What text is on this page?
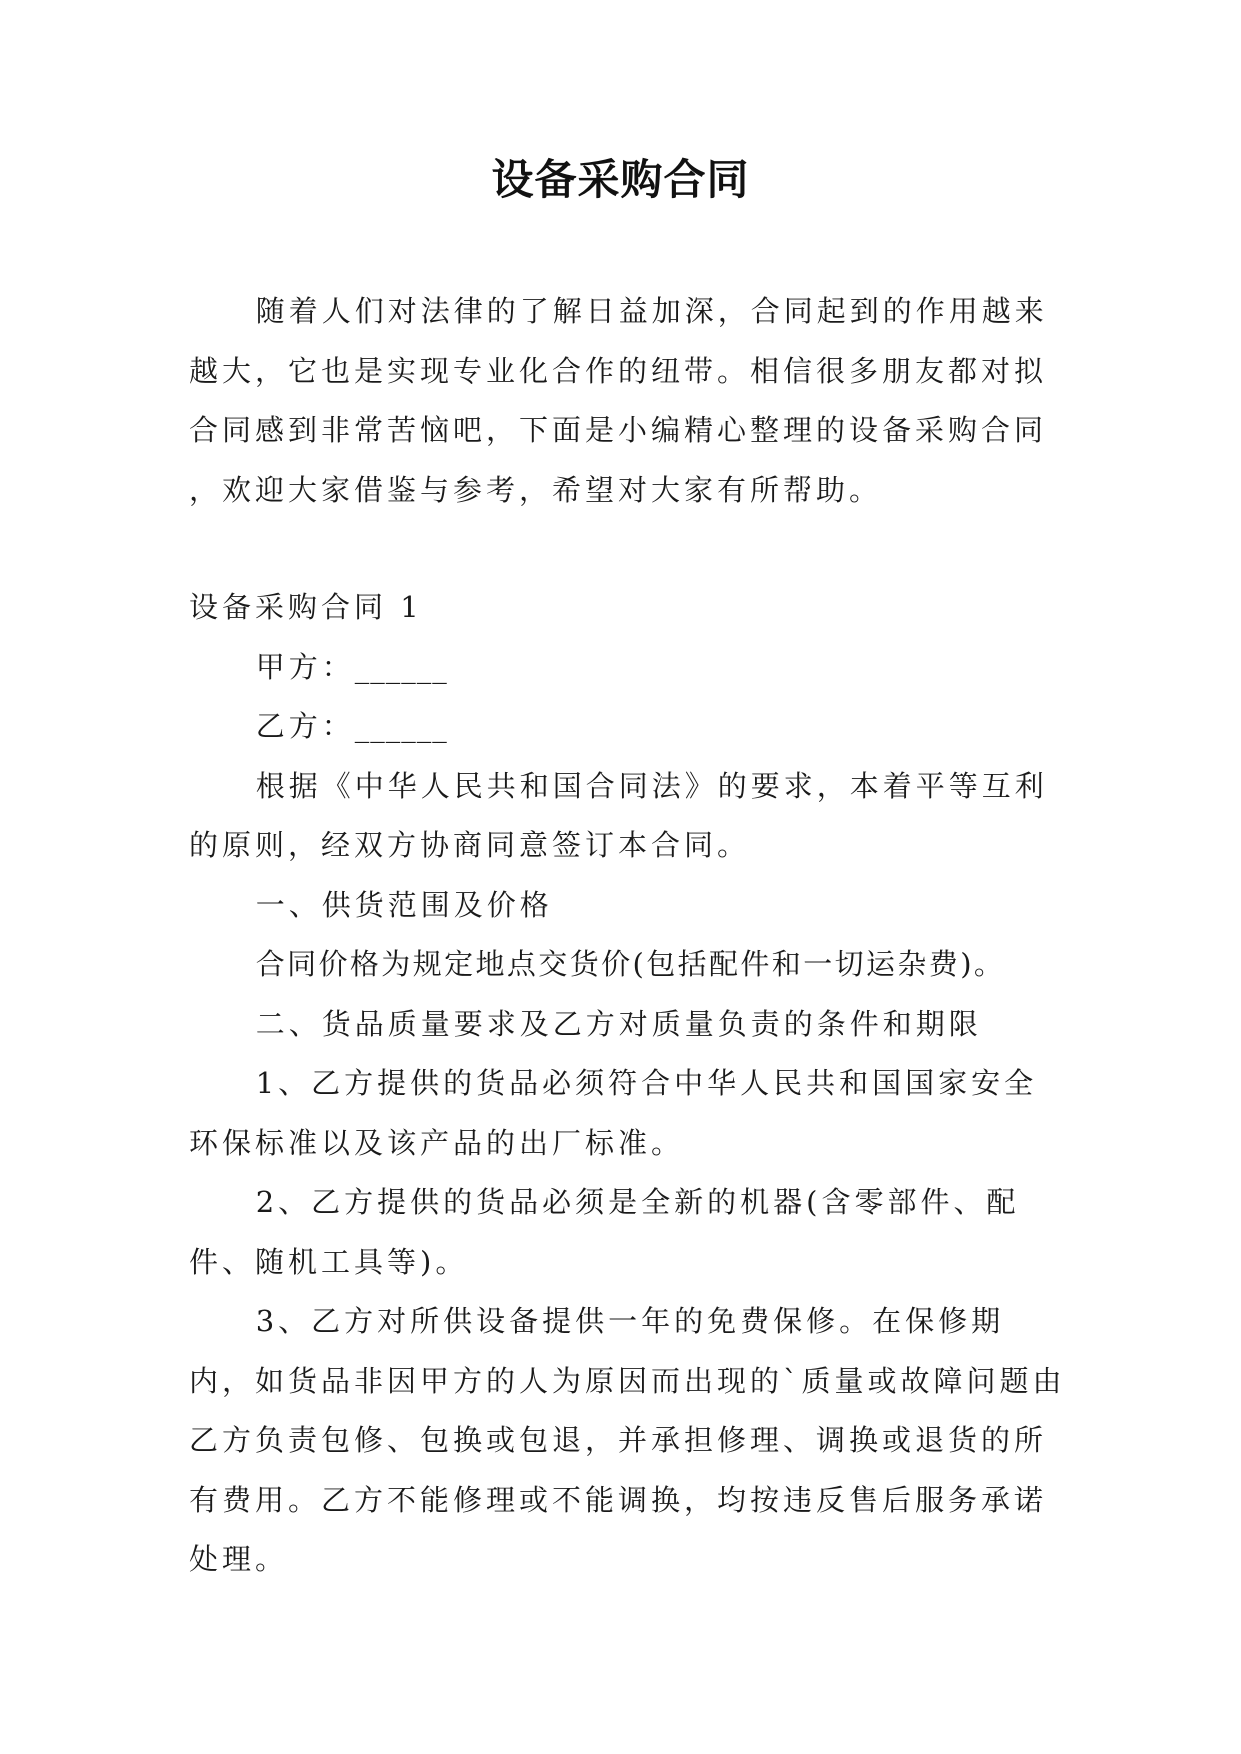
设备采购合同

随着人们对法律的了解日益加深，合同起到的作用越来越大，它也是实现专业化合作的纽带。相信很多朋友都对拟合同感到非常苦恼吧，下面是小编精心整理的设备采购合同 ，欢迎大家借鉴与参考，希望对大家有所帮助。

设备采购合同 1

甲方：______

乙方：______

根据《中华人民共和国合同法》的要求，本着平等互利的原则，经双方协商同意签订本合同。

一、供货范围及价格

合同价格为规定地点交货价(包括配件和一切运杂费)。

二、货品质量要求及乙方对质量负责的条件和期限

1、乙方提供的货品必须符合中华人民共和国国家安全环保标准以及该产品的出厂标准。

2、乙方提供的货品必须是全新的机器(含零部件、配件、随机工具等)。

3、乙方对所供设备提供一年的免费保修。在保修期内，如货品非因甲方的人为原因而出现的`质量或故障问题由乙方负责包修、包换或包退，并承担修理、调换或退货的所有费用。乙方不能修理或不能调换，均按违反售后服务承诺处理。
